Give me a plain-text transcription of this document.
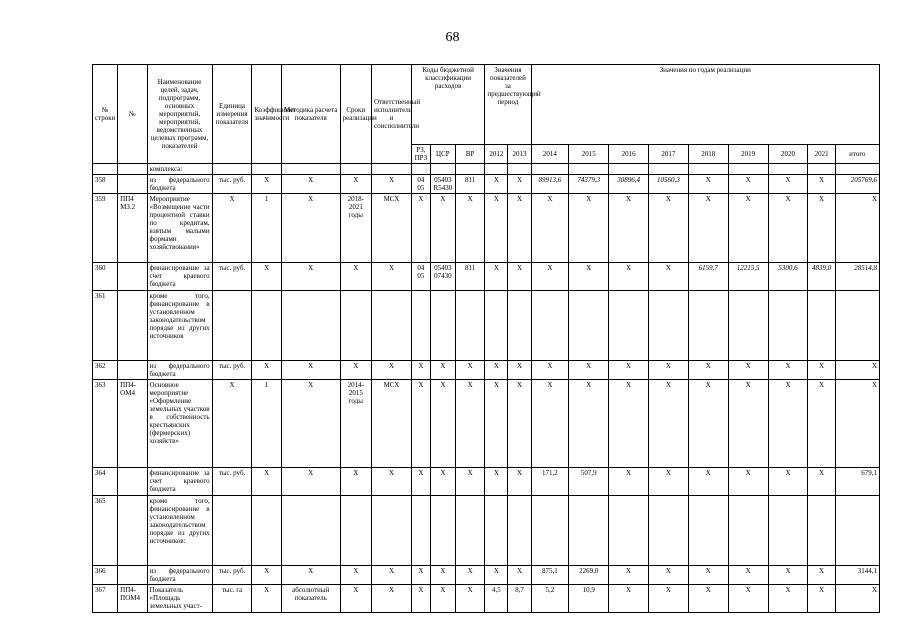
68
№ строки	№	Наименование целей, задач, подпрограмм, основных мероприятий, мероприятий, ведомственных целевых программ, показателей	Единица измерения показателя	Коэффициент значимости	Методика расчета показателя	Сроки реализации	Ответственный исполнитель и соисполнители	Коды бюджетной классификации расходов			Значения показателей за предшествующий период		Значения по годам реализации								
								РЗ, ПРЗ	ЦСР	ВР	2012	2013	2014	2015	2016	2017	2018	2019	2020	2021	итого
		комплекса:																			
358		из федерального бюджета	тыс. руб.	X	X	X	X	04 05	05403 R5430	811	X	X	89913,6	74379,3	30896,4	10560,3	X	X	X	X	205769,6
359	ПП4 МЗ.2	Мероприятие «Возмещение части процентной ставки по кредитам, взятым малыми формами хозяйствования»	X	1	X	2018-2021 годы	МСХ	X	X	X	X	X	X	X	X	X	X	X	X	X	X
360		финансирование за счет краевого бюджета	тыс. руб.	X	X	X	X	04 05	05403 07430	811	X	X	X	X	X	X	6159,7	12215,5	5300,6	4839,0	28514,8
361		кроме того, финансирование в установленном законодательством порядке из других источников																			
362		из федерального бюджета	тыс. руб.	X	X	X	X	X	X	X	X	X	X	X	X	X	X	X	X	X	X
363	ПП4-ОМ4	Основное мероприятие «Оформление земельных участков в собственность крестьянских (фермерских) хозяйств»	X	1	X	2014-2015 годы	МСХ	X	X	X	X	X	X	X	X	X	X	X	X	X	X
364		финансирование за счет краевого бюджета	тыс. руб.	X	X	X	X	X	X	X	X	X	171,2	507,9	X	X	X	X	X	X	679,1
365		кроме того, финансирование в установленном законодательством порядке из других источников:																			
366		из федерального бюджета	тыс. руб.	X	X	X	X	X	X	X	X	X	875,1	2269,0	X	X	X	X	X	X	3144,1
367	ПП4-ПОМ4	Показатель «Площадь земельных участ-	тыс. га	X	абсолютный показатель	X	X	X	X	X	4,5	8,7	5,2	10,9	X	X	X	X	X	X	X
